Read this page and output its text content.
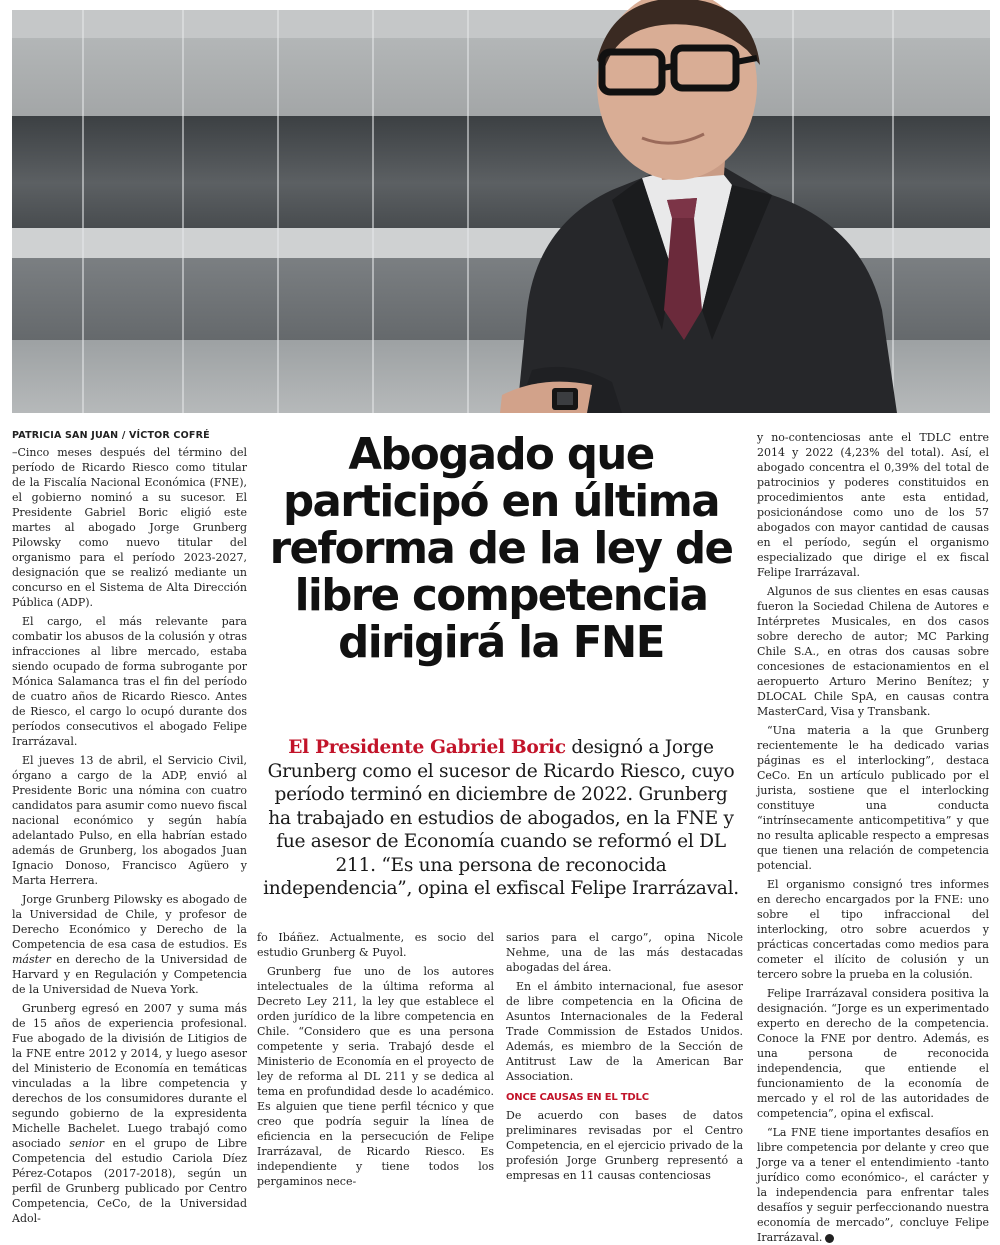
PATRICIA SAN JUAN / VÍCTOR COFRÉ

–Cinco meses después del término del período de Ricardo Riesco como titular de la Fiscalía Nacional Económica (FNE), el gobierno nominó a su sucesor. El Presidente Gabriel Boric eligió este martes al abogado Jorge Grunberg Pilowsky como nuevo titular del organismo para el período 2023-2027, designación que se realizó mediante un concurso en el Sistema de Alta Dirección Pública (ADP).

El cargo, el más relevante para combatir los abusos de la colusión y otras infracciones al libre mercado, estaba siendo ocupado de forma subrogante por Mónica Salamanca tras el fin del período de cuatro años de Ricardo Riesco. Antes de Riesco, el cargo lo ocupó durante dos períodos consecutivos el abogado Felipe Irarrázaval.

El jueves 13 de abril, el Servicio Civil, órgano a cargo de la ADP, envió al Presidente Boric una nómina con cuatro candidatos para asumir como nuevo fiscal nacional económico y según había adelantado Pulso, en ella habrían estado además de Grunberg, los abogados Juan Ignacio Donoso, Francisco Agüero y Marta Herrera.

Jorge Grunberg Pilowsky es abogado de la Universidad de Chile, y profesor de Derecho Económico y Derecho de la Competencia de esa casa de estudios. Es máster en derecho de la Universidad de Harvard y en Regulación y Competencia de la Universidad de Nueva York.

Grunberg egresó en 2007 y suma más de 15 años de experiencia profesional. Fue abogado de la división de Litigios de la FNE entre 2012 y 2014, y luego asesor del Ministerio de Economía en temáticas vinculadas a la libre competencia y derechos de los consumidores durante el segundo gobierno de la expresidenta Michelle Bachelet. Luego trabajó como asociado senior en el grupo de Libre Competencia del estudio Cariola Díez Pérez-Cotapos (2017-2018), según un perfil de Grunberg publicado por Centro Competencia, CeCo, de la Universidad Adol-

Abogado que participó en última reforma de la ley de libre competencia dirigirá la FNE

El Presidente Gabriel Boric designó a Jorge Grunberg como el sucesor de Ricardo Riesco, cuyo período terminó en diciembre de 2022. Grunberg ha trabajado en estudios de abogados, en la FNE y fue asesor de Economía cuando se reformó el DL 211. “Es una persona de reconocida independencia”, opina el exfiscal Felipe Irarrázaval.

fo Ibáñez. Actualmente, es socio del estudio Grunberg & Puyol.

Grunberg fue uno de los autores intelectuales de la última reforma al Decreto Ley 211, la ley que establece el orden jurídico de la libre competencia en Chile. “Considero que es una persona competente y seria. Trabajó desde el Ministerio de Economía en el proyecto de ley de reforma al DL 211 y se dedica al tema en profundidad desde lo académico. Es alguien que tiene perfil técnico y que creo que podría seguir la línea de eficiencia en la persecución de Felipe Irarrázaval, de Ricardo Riesco. Es independiente y tiene todos los pergaminos nece-

sarios para el cargo”, opina Nicole Nehme, una de las más destacadas abogadas del área.

En el ámbito internacional, fue asesor de libre competencia en la Oficina de Asuntos Internacionales de la Federal Trade Commission de Estados Unidos. Además, es miembro de la Sección de Antitrust Law de la American Bar Association.

ONCE CAUSAS EN EL TDLC

De acuerdo con bases de datos preliminares revisadas por el Centro Competencia, en el ejercicio privado de la profesión Jorge Grunberg representó a empresas en 11 causas contenciosas

y no-contenciosas ante el TDLC entre 2014 y 2022 (4,23% del total). Así, el abogado concentra el 0,39% del total de patrocinios y poderes constituidos en procedimientos ante esta entidad, posicionándose como uno de los 57 abogados con mayor cantidad de causas en el período, según el organismo especializado que dirige el ex fiscal Felipe Irarrázaval.

Algunos de sus clientes en esas causas fueron la Sociedad Chilena de Autores e Intérpretes Musicales, en dos casos sobre derecho de autor; MC Parking Chile S.A., en otras dos causas sobre concesiones de estacionamientos en el aeropuerto Arturo Merino Benítez; y DLOCAL Chile SpA, en causas contra MasterCard, Visa y Transbank.

“Una materia a la que Grunberg recientemente le ha dedicado varias páginas es el interlocking”, destaca CeCo. En un artículo publicado por el jurista, sostiene que el interlocking constituye una conducta “intrínsecamente anticompetitiva” y que no resulta aplicable respecto a empresas que tienen una relación de competencia potencial.

El organismo consignó tres informes en derecho encargados por la FNE: uno sobre el tipo infraccional del interlocking, otro sobre acuerdos y prácticas concertadas como medios para cometer el ilícito de colusión y un tercero sobre la prueba en la colusión.

Felipe Irarrázaval considera positiva la designación. “Jorge es un experimentado experto en derecho de la competencia. Conoce la FNE por dentro. Además, es una persona de reconocida independencia, que entiende el funcionamiento de la economía de mercado y el rol de las autoridades de competencia”, opina el exfiscal.

“La FNE tiene importantes desafíos en libre competencia por delante y creo que Jorge va a tener el entendimiento -tanto jurídico como económico-, el carácter y la independencia para enfrentar tales desafíos y seguir perfeccionando nuestra economía de mercado”, concluye Felipe Irarrázaval.
